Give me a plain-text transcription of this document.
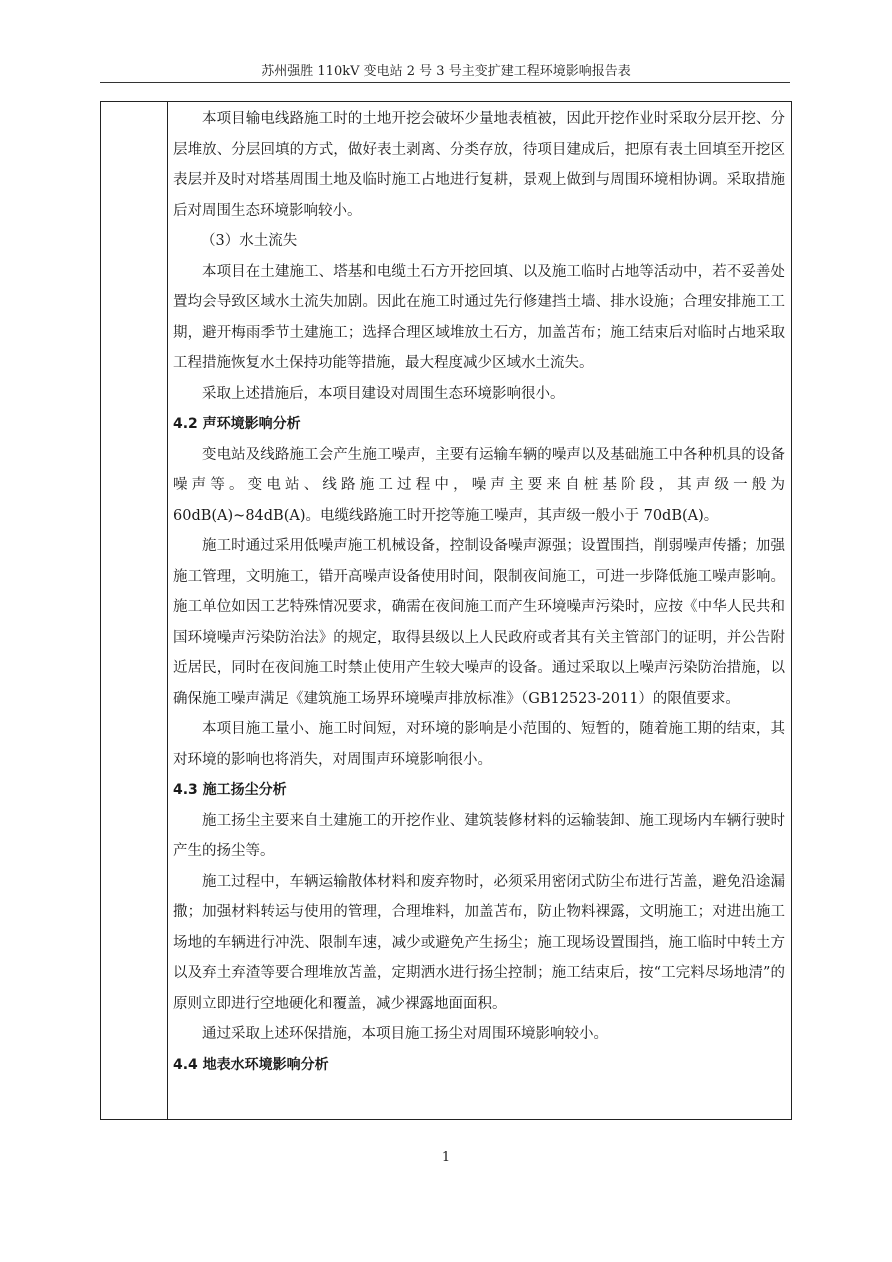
苏州强胜 110kV 变电站 2 号 3 号主变扩建工程环境影响报告表

本项目输电线路施工时的土地开挖会破坏少量地表植被，因此开挖作业时采取分层开挖、分层堆放、分层回填的方式，做好表土剥离、分类存放，待项目建成后，把原有表土回填至开挖区表层并及时对塔基周围土地及临时施工占地进行复耕，景观上做到与周围环境相协调。采取措施后对周围生态环境影响较小。

（3）水土流失

本项目在土建施工、塔基和电缆土石方开挖回填、以及施工临时占地等活动中，若不妥善处置均会导致区域水土流失加剧。因此在施工时通过先行修建挡土墙、排水设施；合理安排施工工期，避开梅雨季节土建施工；选择合理区域堆放土石方，加盖苫布；施工结束后对临时占地采取工程措施恢复水土保持功能等措施，最大程度减少区域水土流失。

采取上述措施后，本项目建设对周围生态环境影响很小。

4.2 声环境影响分析

变电站及线路施工会产生施工噪声，主要有运输车辆的噪声以及基础施工中各种机具的设备噪声等。变电站、线路施工过程中，噪声主要来自桩基阶段，其声级一般为60dB(A)~84dB(A)。电缆线路施工时开挖等施工噪声，其声级一般小于 70dB(A)。

施工时通过采用低噪声施工机械设备，控制设备噪声源强；设置围挡，削弱噪声传播；加强施工管理，文明施工，错开高噪声设备使用时间，限制夜间施工，可进一步降低施工噪声影响。施工单位如因工艺特殊情况要求，确需在夜间施工而产生环境噪声污染时，应按《中华人民共和国环境噪声污染防治法》的规定，取得县级以上人民政府或者其有关主管部门的证明，并公告附近居民，同时在夜间施工时禁止使用产生较大噪声的设备。通过采取以上噪声污染防治措施，以确保施工噪声满足《建筑施工场界环境噪声排放标准》（GB12523-2011）的限值要求。

本项目施工量小、施工时间短，对环境的影响是小范围的、短暂的，随着施工期的结束，其对环境的影响也将消失，对周围声环境影响很小。

4.3 施工扬尘分析

施工扬尘主要来自土建施工的开挖作业、建筑装修材料的运输装卸、施工现场内车辆行驶时产生的扬尘等。

施工过程中，车辆运输散体材料和废弃物时，必须采用密闭式防尘布进行苫盖，避免沿途漏撒；加强材料转运与使用的管理，合理堆料，加盖苫布，防止物料裸露，文明施工；对进出施工场地的车辆进行冲洗、限制车速，减少或避免产生扬尘；施工现场设置围挡，施工临时中转土方以及弃土弃渣等要合理堆放苫盖，定期洒水进行扬尘控制；施工结束后，按“工完料尽场地清”的原则立即进行空地硬化和覆盖，减少裸露地面面积。

通过采取上述环保措施，本项目施工扬尘对周围环境影响较小。

4.4 地表水环境影响分析

1
